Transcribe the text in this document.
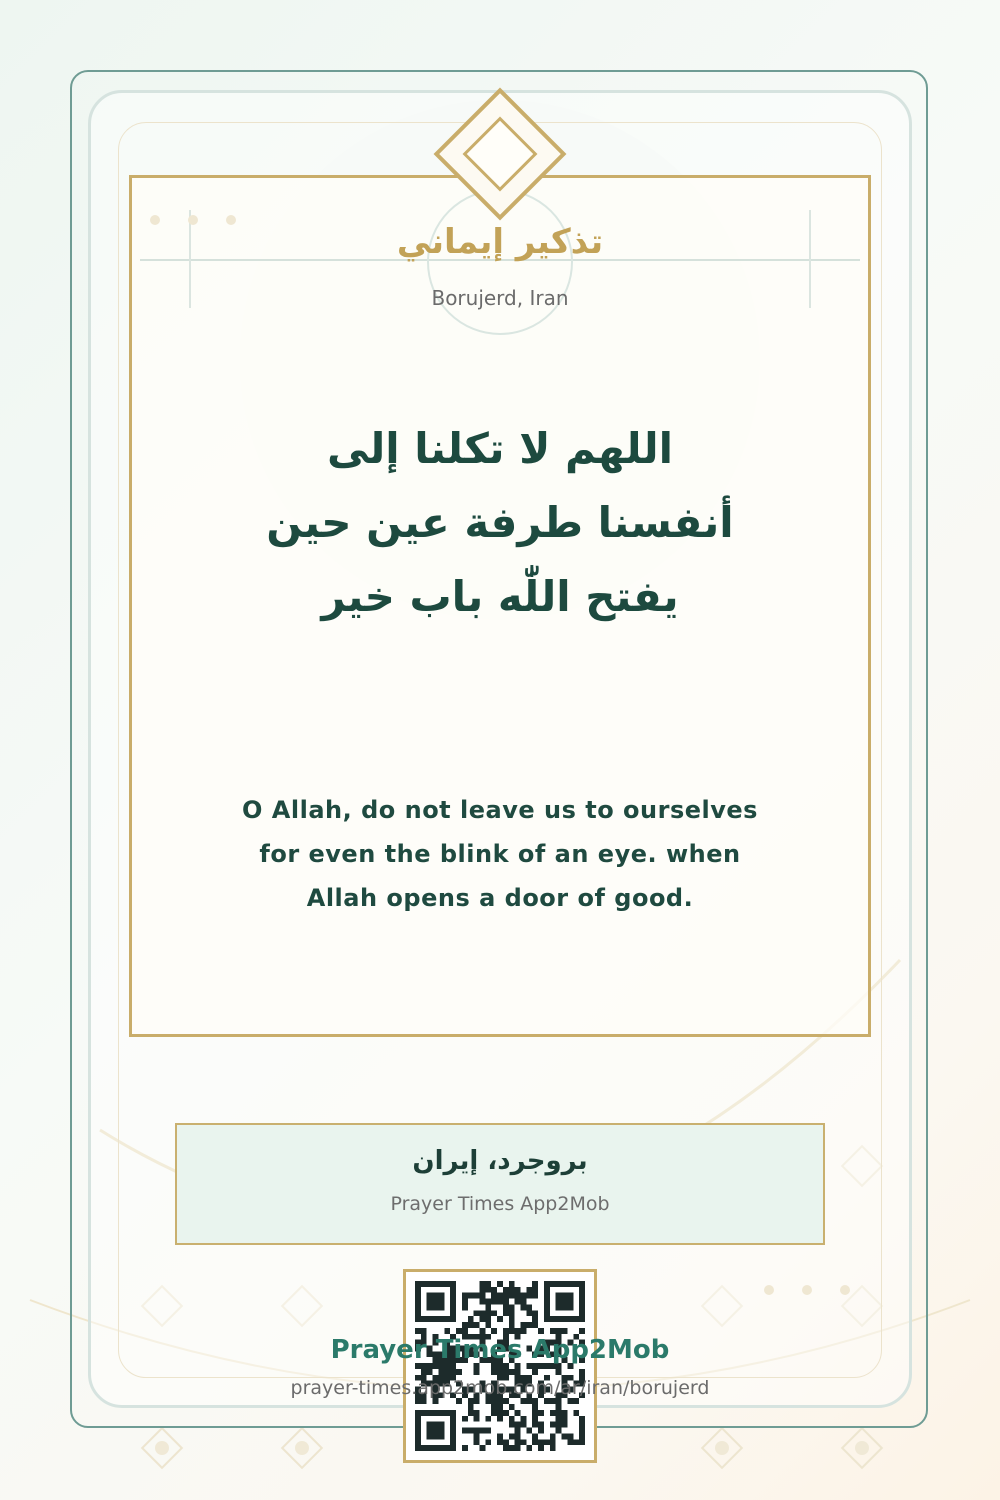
تذكير إيماني
Borujerd, Iran
اللهم لا تكلنا إلى
أنفسنا طرفة عين حين
يفتح اللّٰه باب خير
O Allah, do not leave us to ourselves for even the blink of an eye. when Allah opens a door of good.
بروجرد، إيران
Prayer Times App2Mob
Prayer Times App2Mob
prayer-times.app2mob.com/ar/iran/borujerd
